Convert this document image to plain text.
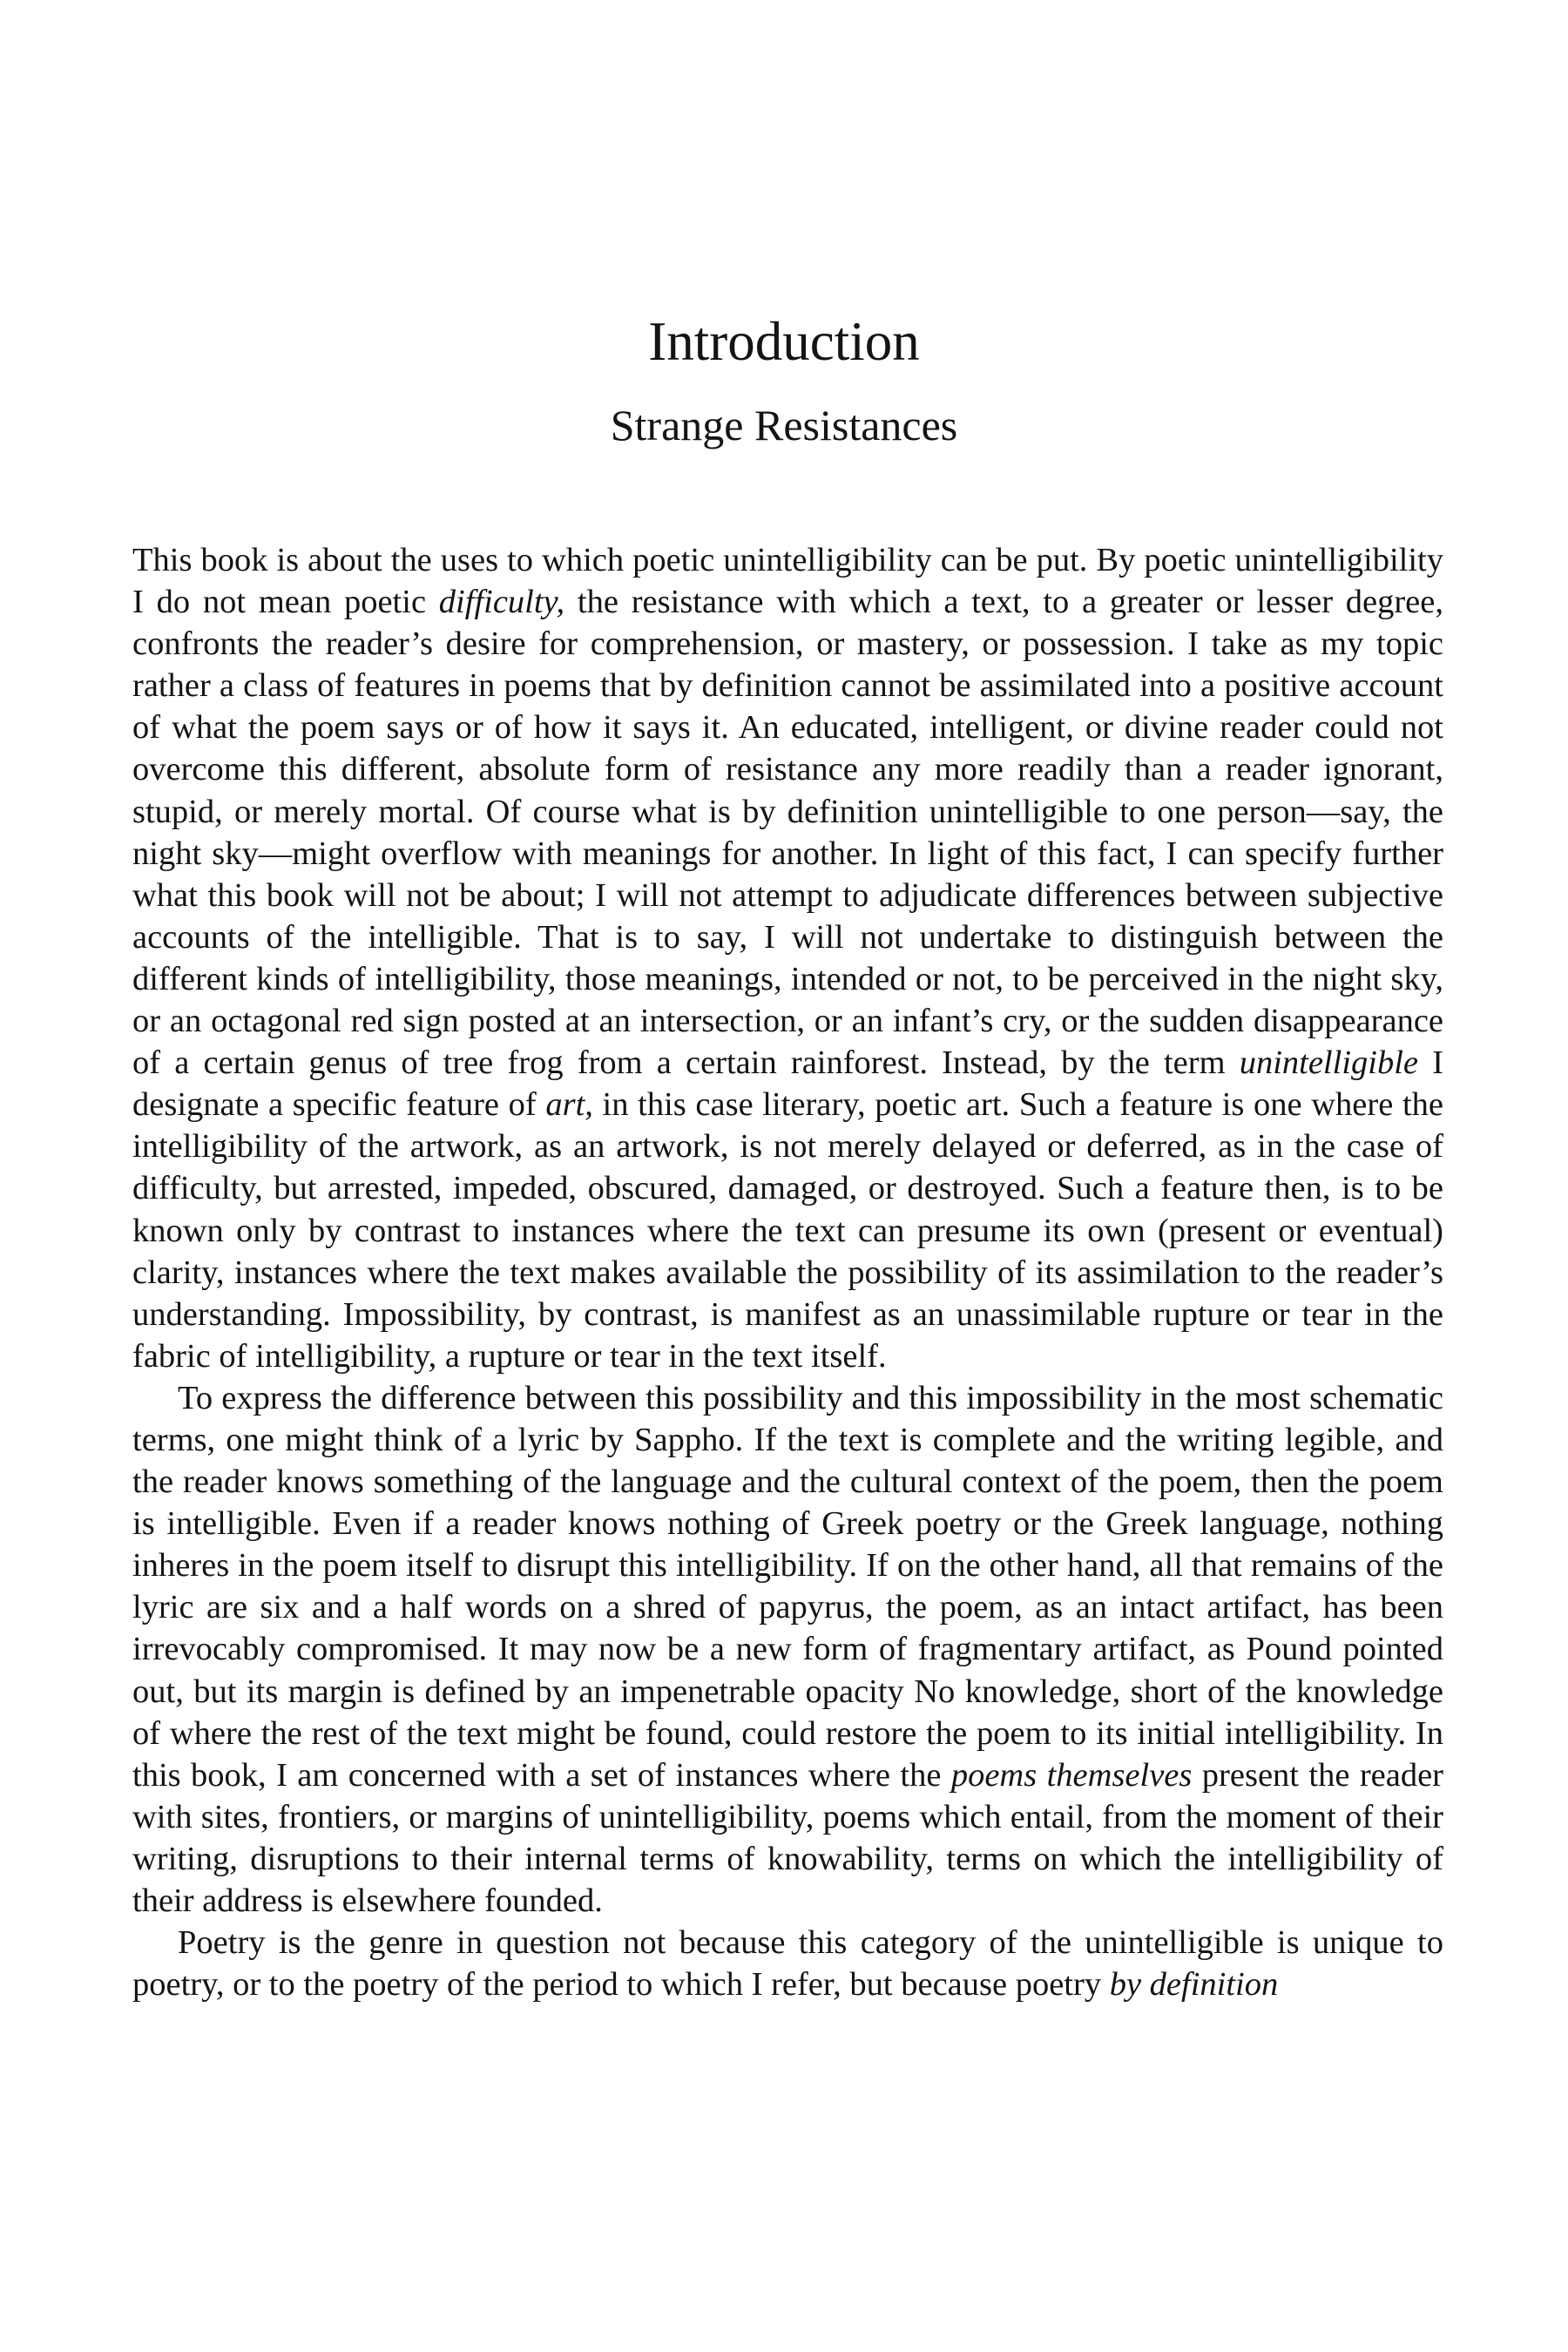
Introduction
Strange Resistances

This book is about the uses to which poetic unintelligibility can be put. By poetic unintelligibility I do not mean poetic difficulty, the resistance with which a text, to a greater or lesser degree, confronts the reader’s desire for comprehension, or mastery, or possession. I take as my topic rather a class of features in poems that by definition cannot be assimilated into a positive account of what the poem says or of how it says it. An educated, intelligent, or divine reader could not overcome this different, absolute form of resistance any more readily than a reader ignorant, stupid, or merely mortal. Of course what is by definition unintelligible to one person—say, the night sky—might overflow with meanings for another. In light of this fact, I can specify further what this book will not be about; I will not attempt to adjudicate differences between subjective accounts of the intelligible. That is to say, I will not undertake to distinguish between the different kinds of intelligibility, those meanings, intended or not, to be perceived in the night sky, or an octagonal red sign posted at an intersection, or an infant’s cry, or the sudden disappearance of a certain genus of tree frog from a certain rainforest. Instead, by the term unintelligible I designate a specific feature of art, in this case literary, poetic art. Such a feature is one where the intelligibility of the artwork, as an artwork, is not merely delayed or deferred, as in the case of difficulty, but arrested, impeded, obscured, damaged, or destroyed. Such a feature then, is to be known only by contrast to instances where the text can presume its own (present or eventual) clarity, instances where the text makes available the possibility of its assimilation to the reader’s understanding. Impossibility, by contrast, is manifest as an unassimilable rupture or tear in the fabric of intelligibility, a rupture or tear in the text itself.

To express the difference between this possibility and this impossibility in the most schematic terms, one might think of a lyric by Sappho. If the text is complete and the writing legible, and the reader knows something of the language and the cultural context of the poem, then the poem is intelligible. Even if a reader knows nothing of Greek poetry or the Greek language, nothing inheres in the poem itself to disrupt this intelligibility. If on the other hand, all that remains of the lyric are six and a half words on a shred of papyrus, the poem, as an intact artifact, has been irrevocably compromised. It may now be a new form of fragmentary artifact, as Pound pointed out, but its margin is defined by an impenetrable opacity No knowledge, short of the knowledge of where the rest of the text might be found, could restore the poem to its initial intelligibility. In this book, I am concerned with a set of instances where the poems themselves present the reader with sites, frontiers, or margins of unintelligibility, poems which entail, from the moment of their writing, disruptions to their internal terms of knowability, terms on which the intelligibility of their address is elsewhere founded.

Poetry is the genre in question not because this category of the unintelligible is unique to poetry, or to the poetry of the period to which I refer, but because poetry by definition
